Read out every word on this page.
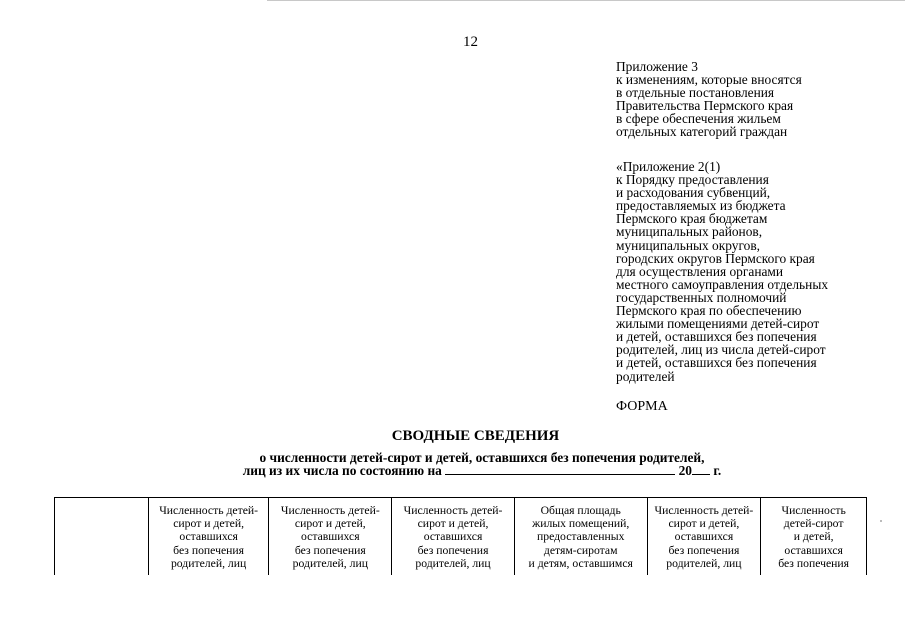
12
Приложение 3
к изменениям, которые вносятся
в отдельные постановления
Правительства Пермского края
в сфере обеспечения жильем
отдельных категорий граждан
«Приложение 2(1)
к Порядку предоставления
и расходования субвенций,
предоставляемых из бюджета
Пермского края бюджетам
муниципальных районов,
муниципальных округов,
городских округов Пермского края
для осуществления органами
местного самоуправления отдельных
государственных полномочий
Пермского края по обеспечению
жилыми помещениями детей-сирот
и детей, оставшихся без попечения
родителей, лиц из числа детей-сирот
и детей, оставшихся без попечения
родителей
ФОРМА
СВОДНЫЕ СВЕДЕНИЯ
о численности детей-сирот и детей, оставшихся без попечения родителей,
лиц из их числа по состоянию на	20 г.
Численность детей-
сирот и детей,
оставшихся
без попечения
родителей, лиц
Численность детей-
сирот и детей,
оставшихся
без попечения
родителей, лиц
Численность детей-
сирот и детей,
оставшихся
без попечения
родителей, лиц
Общая площадь
жилых помещений,
предоставленных
детям-сиротам
и детям, оставшимся
Численность детей-
сирот и детей,
оставшихся
без попечения
родителей, лиц
Численность
детей-сирот
и детей,
оставшихся
без попечения
